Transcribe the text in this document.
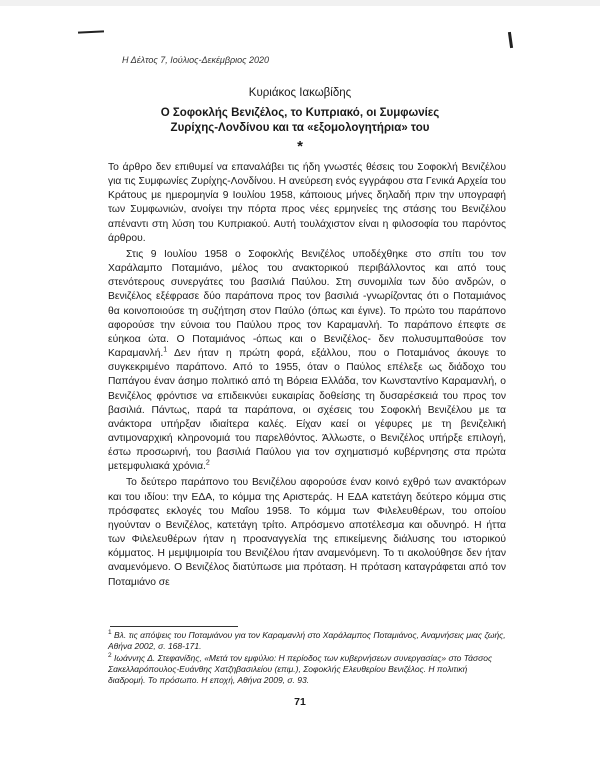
Η Δέλτος 7, Ιούλιος-Δεκέμβριος 2020
Κυριάκος Ιακωβίδης
Ο Σοφοκλής Βενιζέλος, το Κυπριακό, οι Συμφωνίες
Ζυρίχης-Λονδίνου και τα «εξομολογητήρια» του
*

Το άρθρο δεν επιθυμεί να επαναλάβει τις ήδη γνωστές θέσεις του Σοφοκλή Βενιζέλου για τις Συμφωνίες Ζυρίχης-Λονδίνου. Η ανεύρεση ενός εγγράφου στα Γενικά Αρχεία του Κράτους με ημερομηνία 9 Ιουλίου 1958, κάποιους μήνες δηλαδή πριν την υπογραφή των Συμφωνιών, ανοίγει την πόρτα προς νέες ερμηνείες της στάσης του Βενιζέλου απέναντι στη λύση του Κυπριακού. Αυτή τουλάχιστον είναι η φιλοσοφία του παρόντος άρθρου.

Στις 9 Ιουλίου 1958 ο Σοφοκλής Βενιζέλος υποδέχθηκε στο σπίτι του τον Χαράλαμπο Ποταμιάνο, μέλος του ανακτορικού περιβάλλοντος και από τους στενότερους συνεργάτες του βασιλιά Παύλου. Στη συνομιλία των δύο ανδρών, ο Βενιζέλος εξέφρασε δύο παράπονα προς τον βασιλιά -γνωρίζοντας ότι ο Ποταμιάνος θα κοινοποιούσε τη συζήτηση στον Παύλο (όπως και έγινε). Το πρώτο του παράπονο αφορούσε την εύνοια του Παύλου προς τον Καραμανλή. Το παράπονο έπεφτε σε εύηκοα ώτα. Ο Ποταμιάνος -όπως και ο Βενιζέλος- δεν πολυσυμπαθούσε τον Καραμανλή.$^1$ Δεν ήταν η πρώτη φορά, εξάλλου, που ο Ποταμιάνος άκουγε το συγκεκριμένο παράπονο. Από το 1955, όταν ο Παύλος επέλεξε ως διάδοχο του Παπάγου έναν άσημο πολιτικό από τη Βόρεια Ελλάδα, τον Κωνσταντίνο Καραμανλή, ο Βενιζέλος φρόντισε να επιδεικνύει ευκαιρίας δοθείσης τη δυσαρέσκειά του προς τον βασιλιά. Πάντως, παρά τα παράπονα, οι σχέσεις του Σοφοκλή Βενιζέλου με τα ανάκτορα υπήρξαν ιδιαίτερα καλές. Είχαν καεί οι γέφυρες με τη βενιζελική αντιμοναρχική κληρονομιά του παρελθόντος. Άλλωστε, ο Βενιζέλος υπήρξε επιλογή, έστω προσωρινή, του βασιλιά Παύλου για τον σχηματισμό κυβέρνησης στα πρώτα μετεμφυλιακά χρόνια.$^2$

Το δεύτερο παράπονο του Βενιζέλου αφορούσε έναν κοινό εχθρό των ανακτόρων και του ιδίου: την ΕΔΑ, το κόμμα της Αριστεράς. Η ΕΔΑ κατετάγη δεύτερο κόμμα στις πρόσφατες εκλογές του Μαΐου 1958. Το κόμμα των Φιλελευθέρων, του οποίου ηγούνταν ο Βενιζέλος, κατετάγη τρίτο. Απρόσμενο αποτέλεσμα και οδυνηρό. Η ήττα των Φιλελευθέρων ήταν η προαναγγελία της επικείμενης διάλυσης του ιστορικού κόμματος. Η μεμψιμοιρία του Βενιζέλου ήταν αναμενόμενη. Το τι ακολούθησε δεν ήταν αναμενόμενο. Ο Βενιζέλος διατύπωσε μια πρόταση. Η πρόταση καταγράφεται από τον Ποταμιάνο σε

$^1$ Βλ. τις απόψεις του Ποταμιάνου για τον Καραμανλή στο Χαράλαμπος Ποταμιάνος, Αναμνήσεις μιας ζωής, Αθήνα 2002, σ. 168-171.

$^2$ Ιωάννης Δ. Στεφανίδης, «Μετά τον εμφύλιο: Η περίοδος των κυβερνήσεων συνεργασίας» στο Τάσσος Σακελλαρόπουλος-Ευάνθης Χατζηβασιλείου (επιμ.), Σοφοκλής Ελευθερίου Βενιζέλος. Η πολιτική διαδρομή. Το πρόσωπο. Η εποχή, Αθήνα 2009, σ. 93.

71
